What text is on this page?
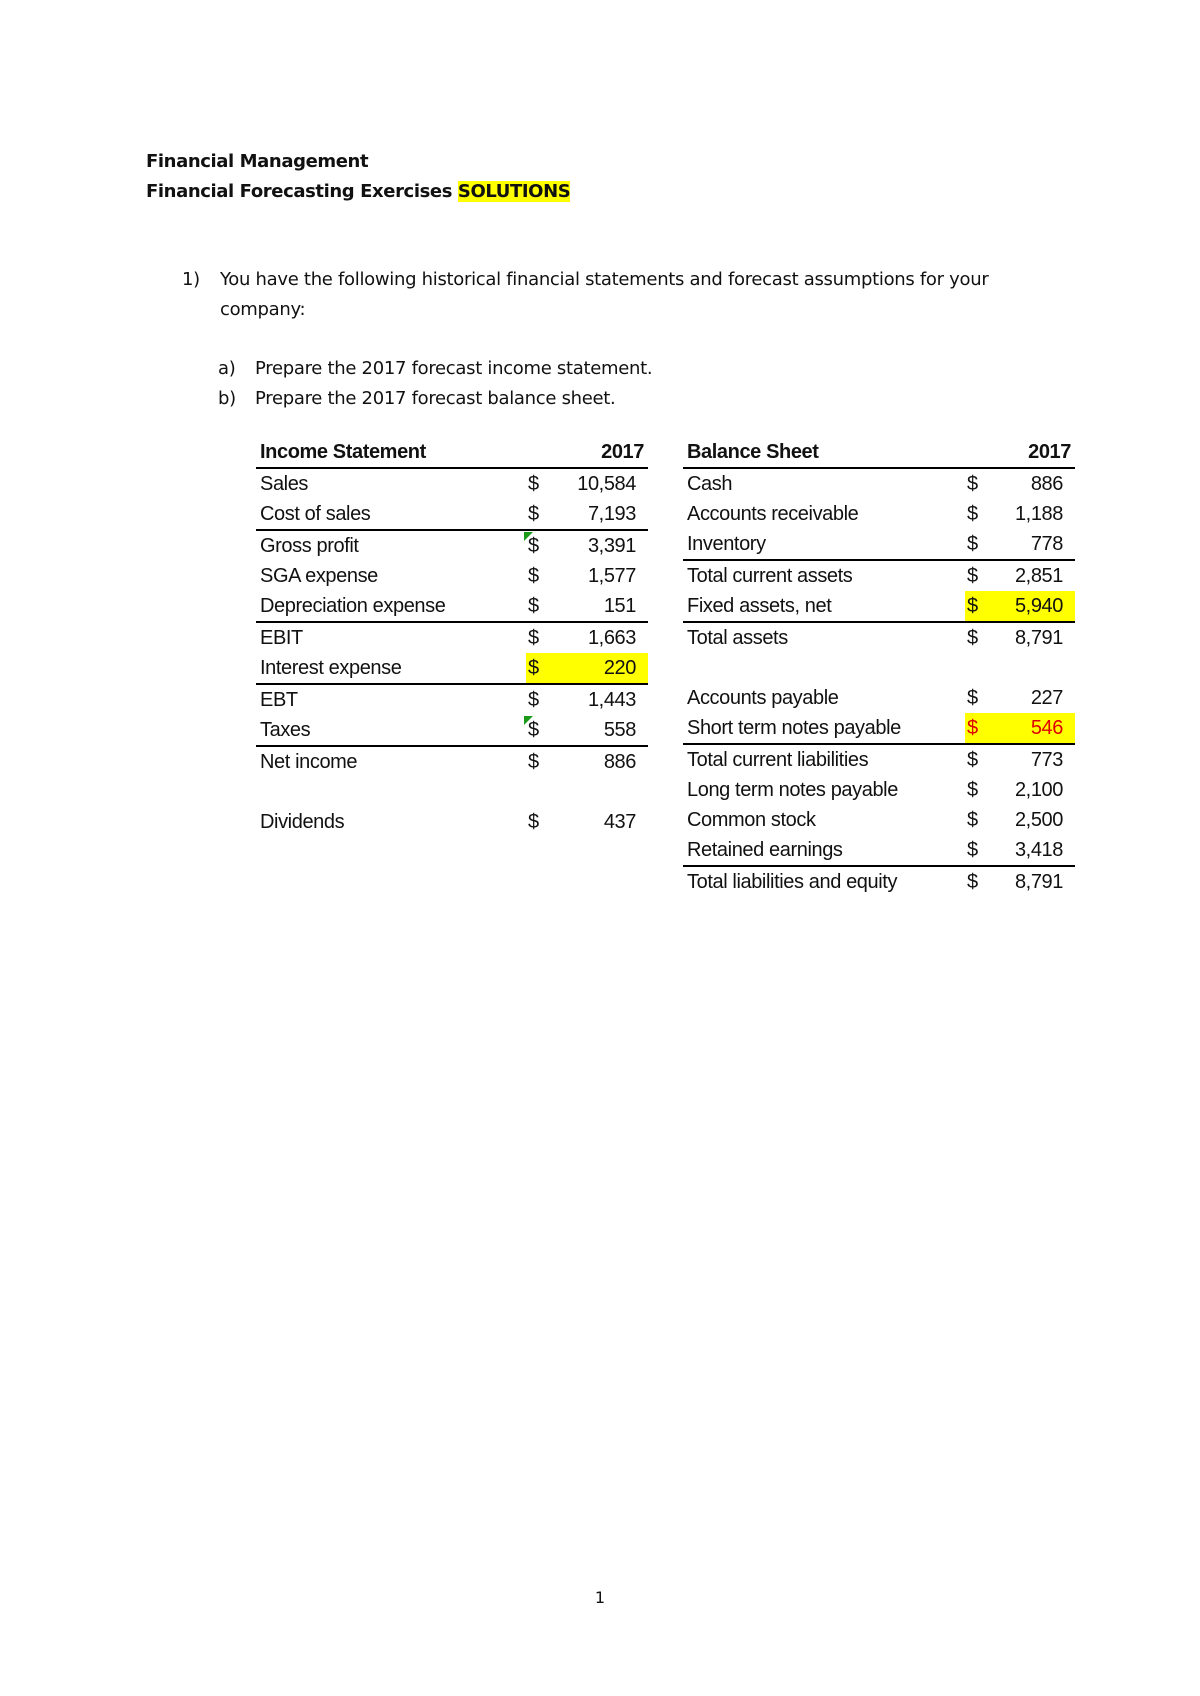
Financial Management
Financial Forecasting Exercises SOLUTIONS
1) You have the following historical financial statements and forecast assumptions for your company:
a) Prepare the 2017 forecast income statement.
b) Prepare the 2017 forecast balance sheet.
Income Statement		2017
Sales	$	10,584
Cost of sales	$	7,193
Gross profit	$	3,391
SGA expense	$	1,577
Depreciation expense	$	151
EBIT	$	1,663
Interest expense	$	220
EBT	$	1,443
Taxes	$	558
Net income	$	886

Dividends	$	437
Balance Sheet		2017
Cash	$	886
Accounts receivable	$	1,188
Inventory	$	778
Total current assets	$	2,851
Fixed assets, net	$	5,940
Total assets	$	8,791

Accounts payable	$	227
Short term notes payable	$	546
Total current liabilities	$	773
Long term notes payable	$	2,100
Common stock	$	2,500
Retained earnings	$	3,418
Total liabilities and equity	$	8,791
1
